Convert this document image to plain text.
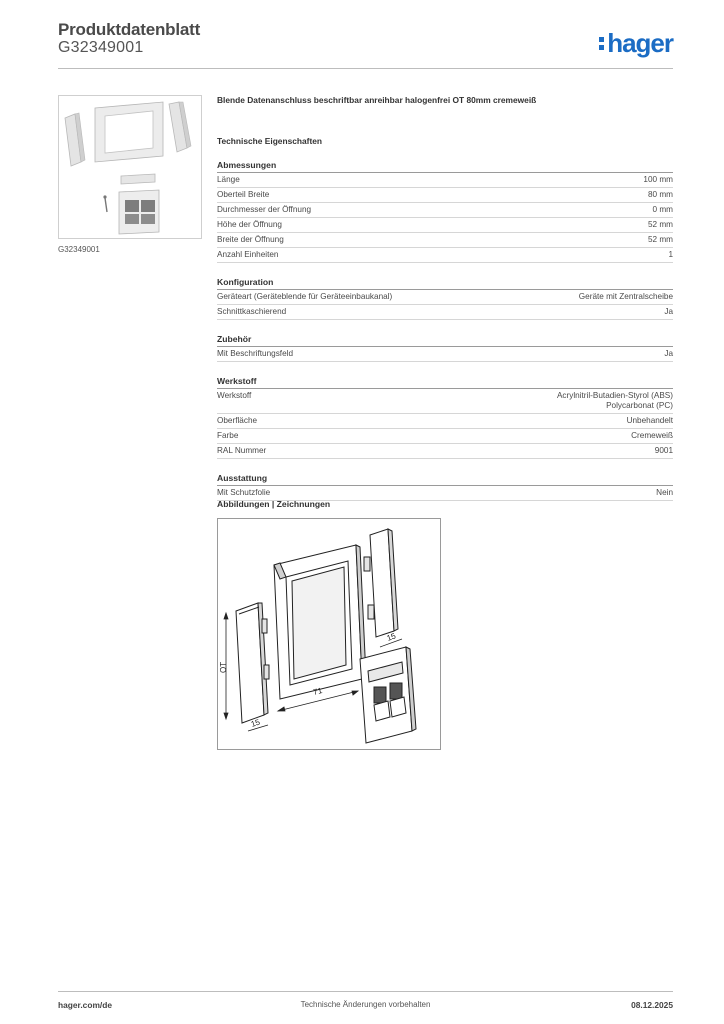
Produktdatenblatt
G32349001	hager
G32349001

Blende Datenanschluss beschriftbar anreihbar halogenfrei OT 80mm cremeweiß

Technische Eigenschaften
Abmessungen
Länge	100 mm
Oberteil Breite	80 mm
Durchmesser der Öffnung	0 mm
Höhe der Öffnung	52 mm
Breite der Öffnung	52 mm
Anzahl Einheiten	1
Konfiguration
Geräteart (Geräteblende für Geräteeinbaukanal)	Geräte mit Zentralscheibe
Schnittkaschierend	Ja
Zubehör
Mit Beschriftungsfeld	Ja
Werkstoff
Werkstoff	Acrylnitril-Butadien-Styrol (ABS)
Polycarbonat (PC)
Oberfläche	Unbehandelt
Farbe	Cremeweiß
RAL Nummer	9001
Ausstattung
Mit Schutzfolie	Nein
Abbildungen | Zeichnungen
OT
71
15
15
hager.com/de	Technische Änderungen vorbehalten	08.12.2025
